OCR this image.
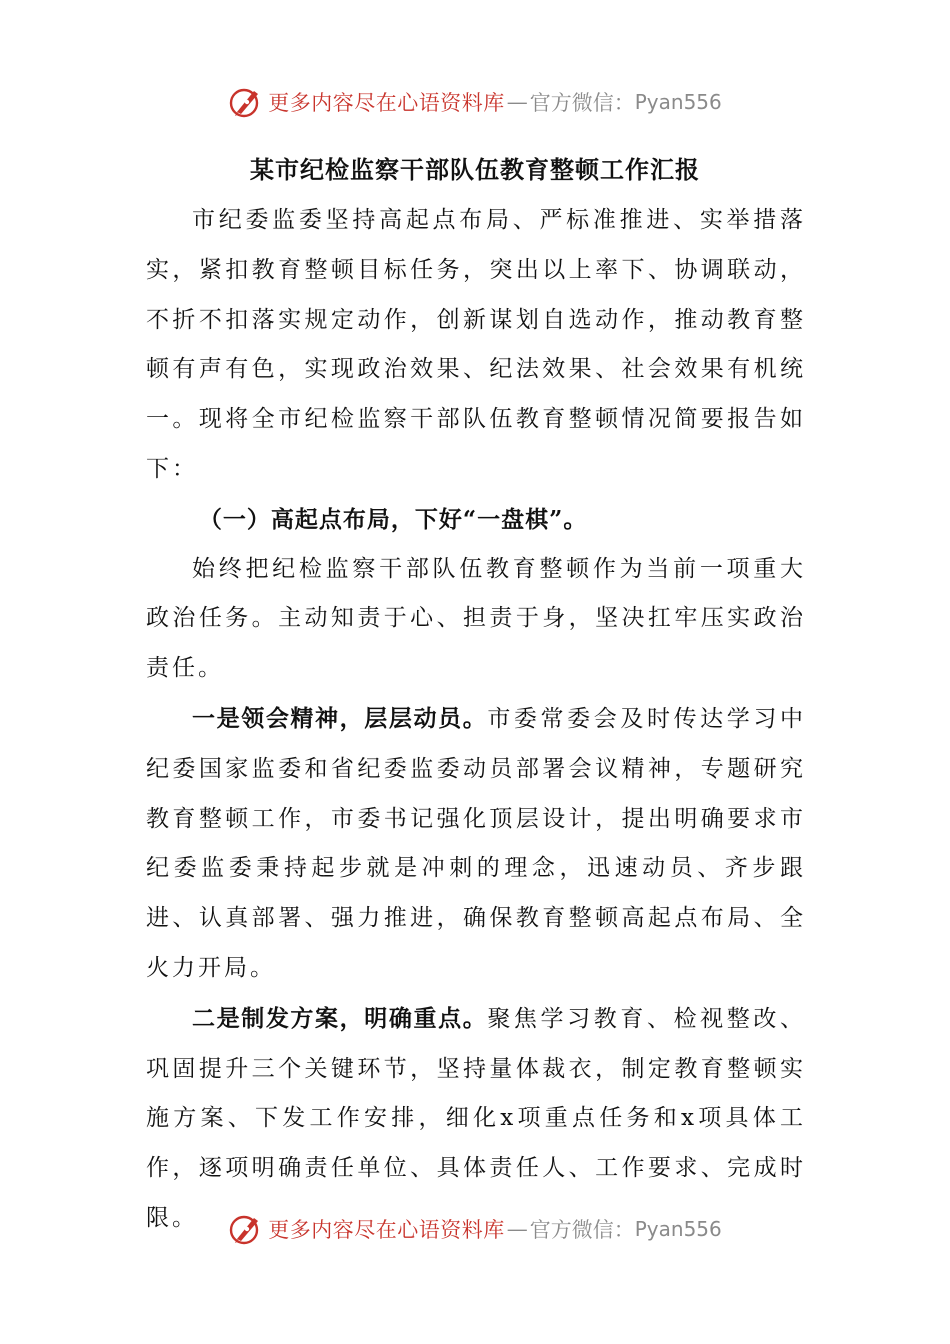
更多内容尽在心语资料库 — 官方微信： Pyan556
某市纪检监察干部队伍教育整顿工作汇报

市纪委监委坚持高起点布局、严标准推进、实举措落实，紧扣教育整顿目标任务，突出以上率下、协调联动，不折不扣落实规定动作，创新谋划自选动作，推动教育整顿有声有色，实现政治效果、纪法效果、社会效果有机统一。现将全市纪检监察干部队伍教育整顿情况简要报告如下：

（一）高起点布局，下好“一盘棋”。

始终把纪检监察干部队伍教育整顿作为当前一项重大政治任务。主动知责于心、担责于身，坚决扛牢压实政治责任。

一是领会精神，层层动员。市委常委会及时传达学习中纪委国家监委和省纪委监委动员部署会议精神，专题研究教育整顿工作，市委书记强化顶层设计，提出明确要求市纪委监委秉持起步就是冲刺的理念，迅速动员、齐步跟进、认真部署、强力推进，确保教育整顿高起点布局、全火力开局。

二是制发方案，明确重点。聚焦学习教育、检视整改、巩固提升三个关键环节，坚持量体裁衣，制定教育整顿实施方案、下发工作安排，细化x项重点任务和x项具体工作，逐项明确责任单位、具体责任人、工作要求、完成时限。	更多内容尽在心语资料库 — 官方微信： Pyan556
